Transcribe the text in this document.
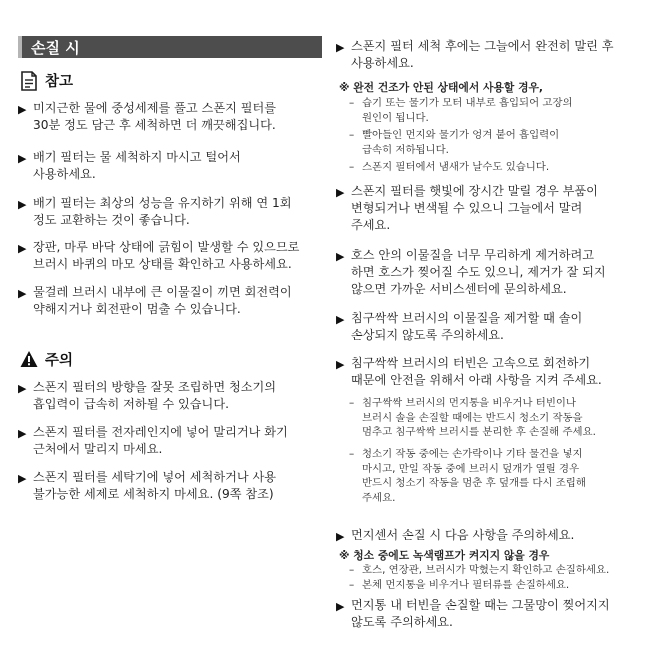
손질 시
참고
▶ 미지근한 물에 중성세제를 풀고 스폰지 필터를
30분 정도 담근 후 세척하면 더 깨끗해집니다.
▶ 배기 필터는 물 세척하지 마시고 털어서
사용하세요.
▶ 배기 필터는 최상의 성능을 유지하기 위해 연 1회
정도 교환하는 것이 좋습니다.
▶ 장판, 마루 바닥 상태에 긁힘이 발생할 수 있으므로
브러시 바퀴의 마모 상태를 확인하고 사용하세요.
▶ 물걸레 브러시 내부에 큰 이물질이 끼면 회전력이
약해지거나 회전판이 멈출 수 있습니다.
주의
▶ 스폰지 필터의 방향을 잘못 조립하면 청소기의
흡입력이 급속히 저하될 수 있습니다.
▶ 스폰지 필터를 전자레인지에 넣어 말리거나 화기
근처에서 말리지 마세요.
▶ 스폰지 필터를 세탁기에 넣어 세척하거나 사용
불가능한 세제로 세척하지 마세요. (9쪽 참조)
▶ 스폰지 필터 세척 후에는 그늘에서 완전히 말린 후
사용하세요.
※ 완전 건조가 안된 상태에서 사용할 경우,
– 습기 또는 물기가 모터 내부로 흡입되어 고장의
원인이 됩니다.
– 빨아들인 먼지와 물기가 엉겨 붙어 흡입력이
급속히 저하됩니다.
– 스폰지 필터에서 냄새가 날수도 있습니다.
▶ 스폰지 필터를 햇빛에 장시간 말릴 경우 부품이
변형되거나 변색될 수 있으니 그늘에서 말려
주세요.
▶ 호스 안의 이물질을 너무 무리하게 제거하려고
하면 호스가 찢어질 수도 있으니, 제거가 잘 되지
않으면 가까운 서비스센터에 문의하세요.
▶ 침구싹싹 브러시의 이물질을 제거할 때 솔이
손상되지 않도록 주의하세요.
▶ 침구싹싹 브러시의 터빈은 고속으로 회전하기
때문에 안전을 위해서 아래 사항을 지켜 주세요.
– 침구싹싹 브러시의 먼지통을 비우거나 터빈이나
브러시 솔을 손질할 때에는 반드시 청소기 작동을
멈추고 침구싹싹 브러시를 분리한 후 손질해 주세요.
– 청소기 작동 중에는 손가락이나 기타 물건을 넣지
마시고, 만일 작동 중에 브러시 덮개가 열릴 경우
반드시 청소기 작동을 멈춘 후 덮개를 다시 조립해
주세요.
▶ 먼지센서 손질 시 다음 사항을 주의하세요.
※ 청소 중에도 녹색램프가 켜지지 않을 경우
– 호스, 연장관, 브러시가 막혔는지 확인하고 손질하세요.
– 본체 먼지통을 비우거나 필터류를 손질하세요.
▶ 먼지통 내 터빈을 손질할 때는 그물망이 찢어지지
않도록 주의하세요.
